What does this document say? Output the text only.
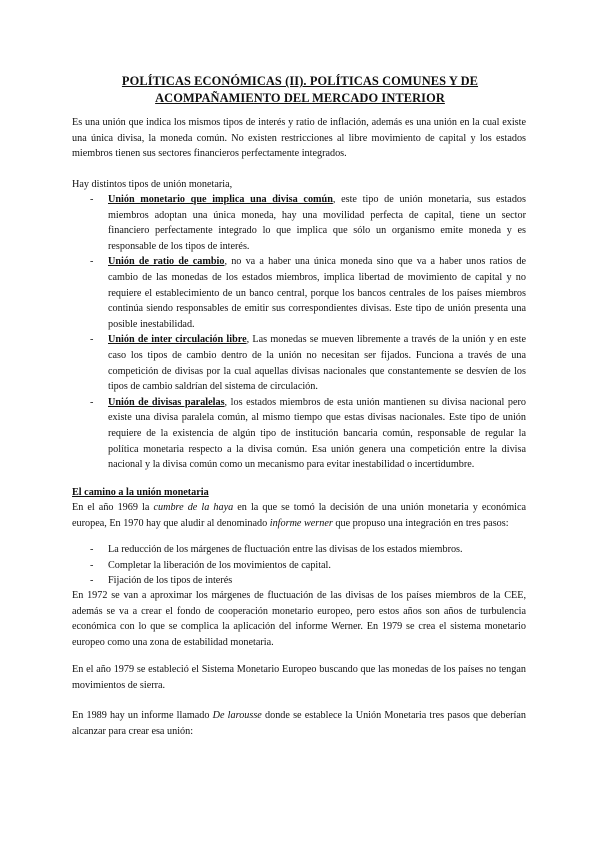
POLÍTICAS ECONÓMICAS (II). POLÍTICAS COMUNES Y DE
ACOMPAÑAMIENTO DEL MERCADO INTERIOR

Es una unión que indica los mismos tipos de interés y ratio de inflación, además es una unión en la cual existe una única divisa, la moneda común. No existen restricciones al libre movimiento de capital y los estados miembros tienen sus sectores financieros perfectamente integrados.

Hay distintos tipos de unión monetaria,

- Unión monetario que implica una divisa común, este tipo de unión monetaria, sus estados miembros adoptan una única moneda, hay una movilidad perfecta de capital, tiene un sector financiero perfectamente integrado lo que implica que sólo un organismo emite moneda y es responsable de los tipos de interés.
- Unión de ratio de cambio, no va a haber una única moneda sino que va a haber unos ratios de cambio de las monedas de los estados miembros, implica libertad de movimiento de capital y no requiere el establecimiento de un banco central, porque los bancos centrales de los países miembros continúa siendo responsables de emitir sus correspondientes divisas. Este tipo de unión presenta una posible inestabilidad.
- Unión de inter circulación libre, Las monedas se mueven libremente a través de la unión y en este caso los tipos de cambio dentro de la unión no necesitan ser fijados. Funciona a través de una competición de divisas por la cual aquellas divisas nacionales que constantemente se desvíen de los tipos de cambio saldrían del sistema de circulación.
- Unión de divisas paralelas, los estados miembros de esta unión mantienen su divisa nacional pero existe una divisa paralela común, al mismo tiempo que estas divisas nacionales. Este tipo de unión requiere de la existencia de algún tipo de institución bancaria común, responsable de regular la política monetaria respecto a la divisa común. Esa unión genera una competición entre la divisa nacional y la divisa común como un mecanismo para evitar inestabilidad o incertidumbre.

El camino a la unión monetaria

En el año 1969 la cumbre de la haya en la que se tomó la decisión de una unión monetaria y económica europea, En 1970 hay que aludir al denominado informe werner que propuso una integración en tres pasos:

- La reducción de los márgenes de fluctuación entre las divisas de los estados miembros.
- Completar la liberación de los movimientos de capital.
- Fijación de los tipos de interés

En 1972 se van a aproximar los márgenes de fluctuación de las divisas de los países miembros de la CEE, además se va a crear el fondo de cooperación monetario europeo, pero estos años son años de turbulencia económica con lo que se complica la aplicación del informe Werner. En 1979 se crea el sistema monetario europeo como una zona de estabilidad monetaria.

En el año 1979 se estableció el Sistema Monetario Europeo buscando que las monedas de los países no tengan movimientos de sierra.

En 1989 hay un informe llamado De larousse donde se establece la Unión Monetaria tres pasos que deberían alcanzar para crear esa unión:
